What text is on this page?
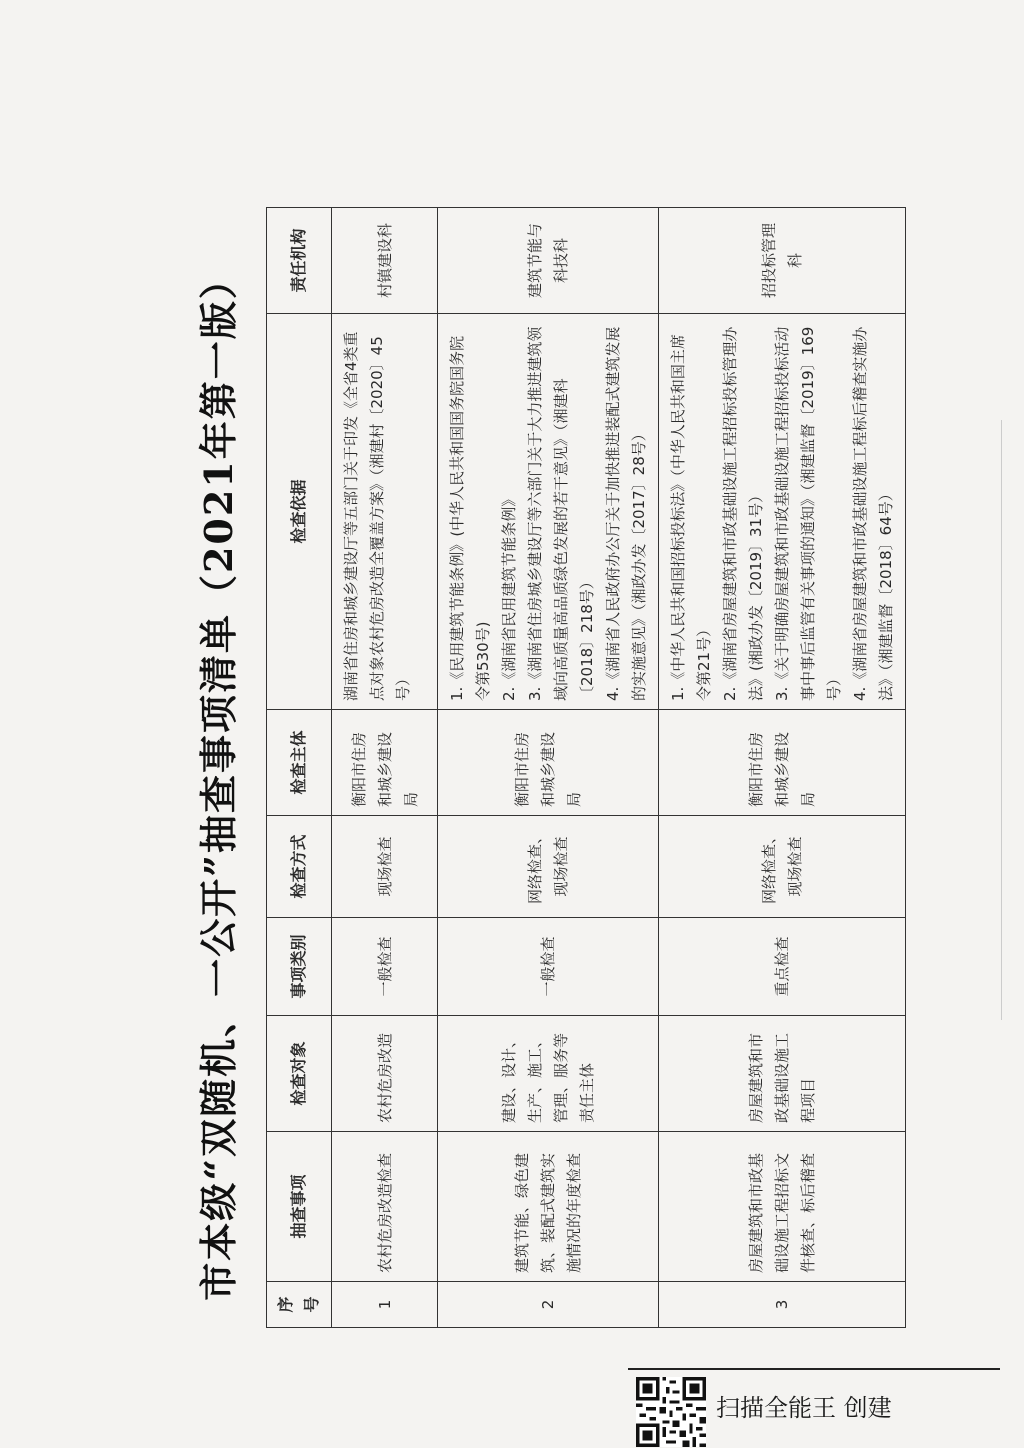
市本级“双随机、一公开”抽查事项清单（2021年第一版）
序号	抽查事项	检查对象	事项类别	检查方式	检查主体	检查依据	责任机构
1	农村危房改造检查	农村危房改造	一般检查	现场检查	衡阳市住房和城乡建设局	湖南省住房和城乡建设厅等五部门关于印发《全省4类重点对象农村危房改造全覆盖方案》（湘建村〔2020〕45号）	村镇建设科
2	建筑节能、绿色建筑、装配式建筑实施情况的年度检查	建设、设计、生产、施工、管理、服务等责任主体	一般检查	网络检查、现场检查	衡阳市住房和城乡建设局	1.《民用建筑节能条例》(中华人民共和国国务院国务院令第530号) 2.《湖南省民用建筑节能条例》 3.《湖南省住房城乡建设厅等六部门关于大力推进建筑领域向高质量高品质绿色发展的若干意见》（湘建科〔2018〕218号） 4.《湖南省人民政府办公厅关于加快推进装配式建筑发展的实施意见》（湘政办发〔2017〕28号）	建筑节能与科技科
3	房屋建筑和市政基础设施工程招标文件核查、标后稽查	房屋建筑和市政基础设施工程项目	重点检查	网络检查、现场检查	衡阳市住房和城乡建设局	1.《中华人民共和国招标投标法》（中华人民共和国主席令第21号） 2.《湖南省房屋建筑和市政基础设施工程招标投标管理办法》(湘政办发〔2019〕31号） 3.《关于明确房屋建筑和市政基础设施工程招标投标活动事中事后监管有关事项的通知》（湘建监督〔2019〕169号） 4.《湖南省房屋建筑和市政基础设施工程标后稽查实施办法》（湘建监督〔2018〕64号）	招投标管理科
扫描全能王 创建
